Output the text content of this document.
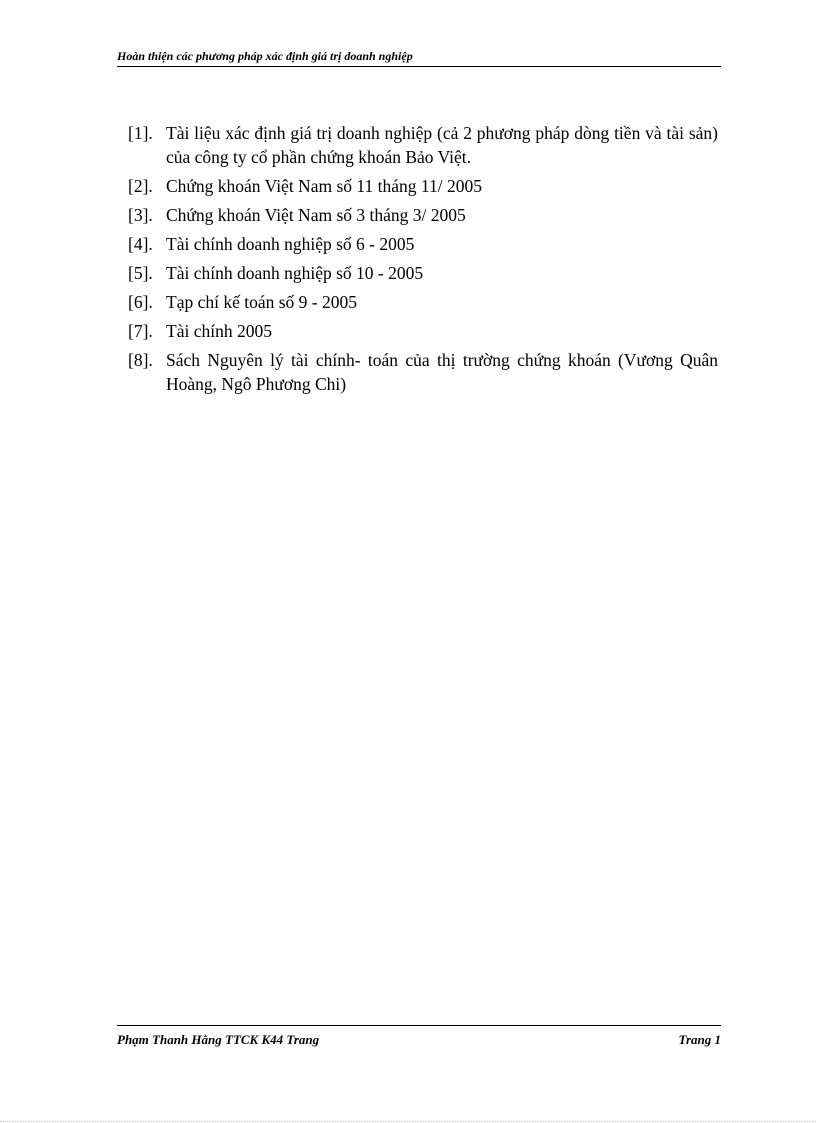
Hoàn thiện các phương pháp xác định giá trị doanh nghiệp
[1]. Tài liệu xác định giá trị doanh nghiệp (cả 2 phương pháp dòng tiền và tài sản) của công ty cổ phần chứng khoán Bảo Việt.
[2]. Chứng khoán Việt Nam số 11 tháng 11/ 2005
[3]. Chứng khoán Việt Nam số 3 tháng 3/ 2005
[4]. Tài chính doanh nghiệp số 6 - 2005
[5]. Tài chính doanh nghiệp số 10 - 2005
[6]. Tạp chí kế toán số 9 - 2005
[7]. Tài chính 2005
[8]. Sách Nguyên lý tài chính- toán của thị trường chứng khoán (Vương Quân Hoàng, Ngô Phương Chi)
Phạm Thanh Hằng TTCK K44 Trang	Trang 1
